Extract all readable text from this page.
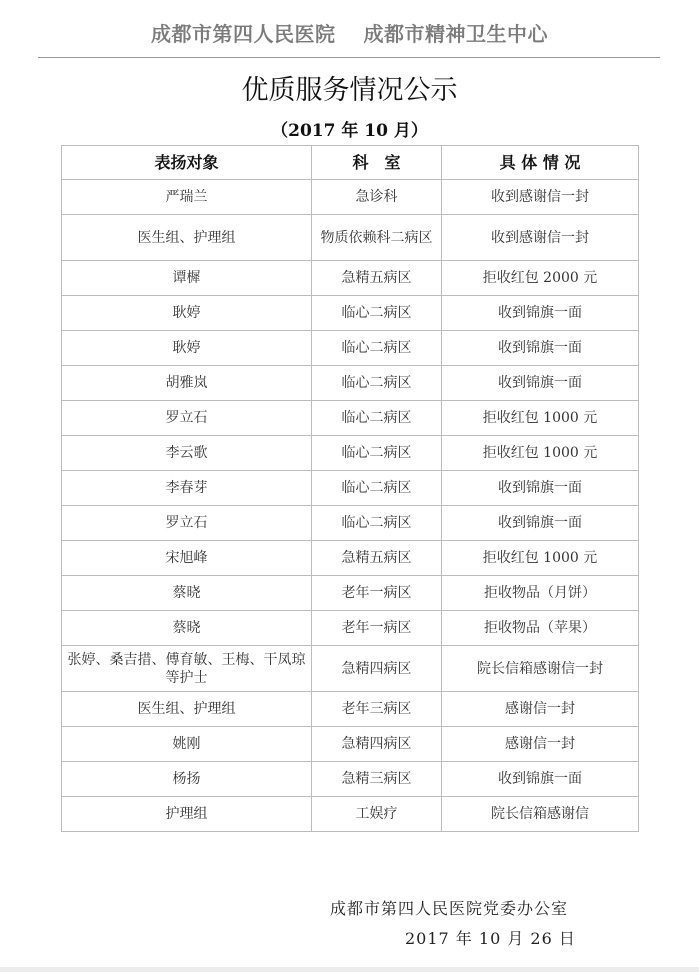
成都市第四人民医院 成都市精神卫生中心
优质服务情况公示
（2017 年 10 月）
表扬对象	科　室	具 体 情 况
严瑞兰	急诊科	收到感谢信一封
医生组、护理组	物质依赖科二病区	收到感谢信一封
谭樨	急精五病区	拒收红包 2000 元
耿婷	临心二病区	收到锦旗一面
耿婷	临心二病区	收到锦旗一面
胡雅岚	临心二病区	收到锦旗一面
罗立石	临心二病区	拒收红包 1000 元
李云歌	临心二病区	拒收红包 1000 元
李春芽	临心二病区	收到锦旗一面
罗立石	临心二病区	收到锦旗一面
宋旭峰	急精五病区	拒收红包 1000 元
蔡晓	老年一病区	拒收物品（月饼）
蔡晓	老年一病区	拒收物品（苹果）
张婷、桑吉措、傅育敏、王梅、干凤琼等护士	急精四病区	院长信箱感谢信一封
医生组、护理组	老年三病区	感谢信一封
姚刚	急精四病区	感谢信一封
杨扬	急精三病区	收到锦旗一面
护理组	工娱疗	院长信箱感谢信
成都市第四人民医院党委办公室
2017 年 10 月 26 日
